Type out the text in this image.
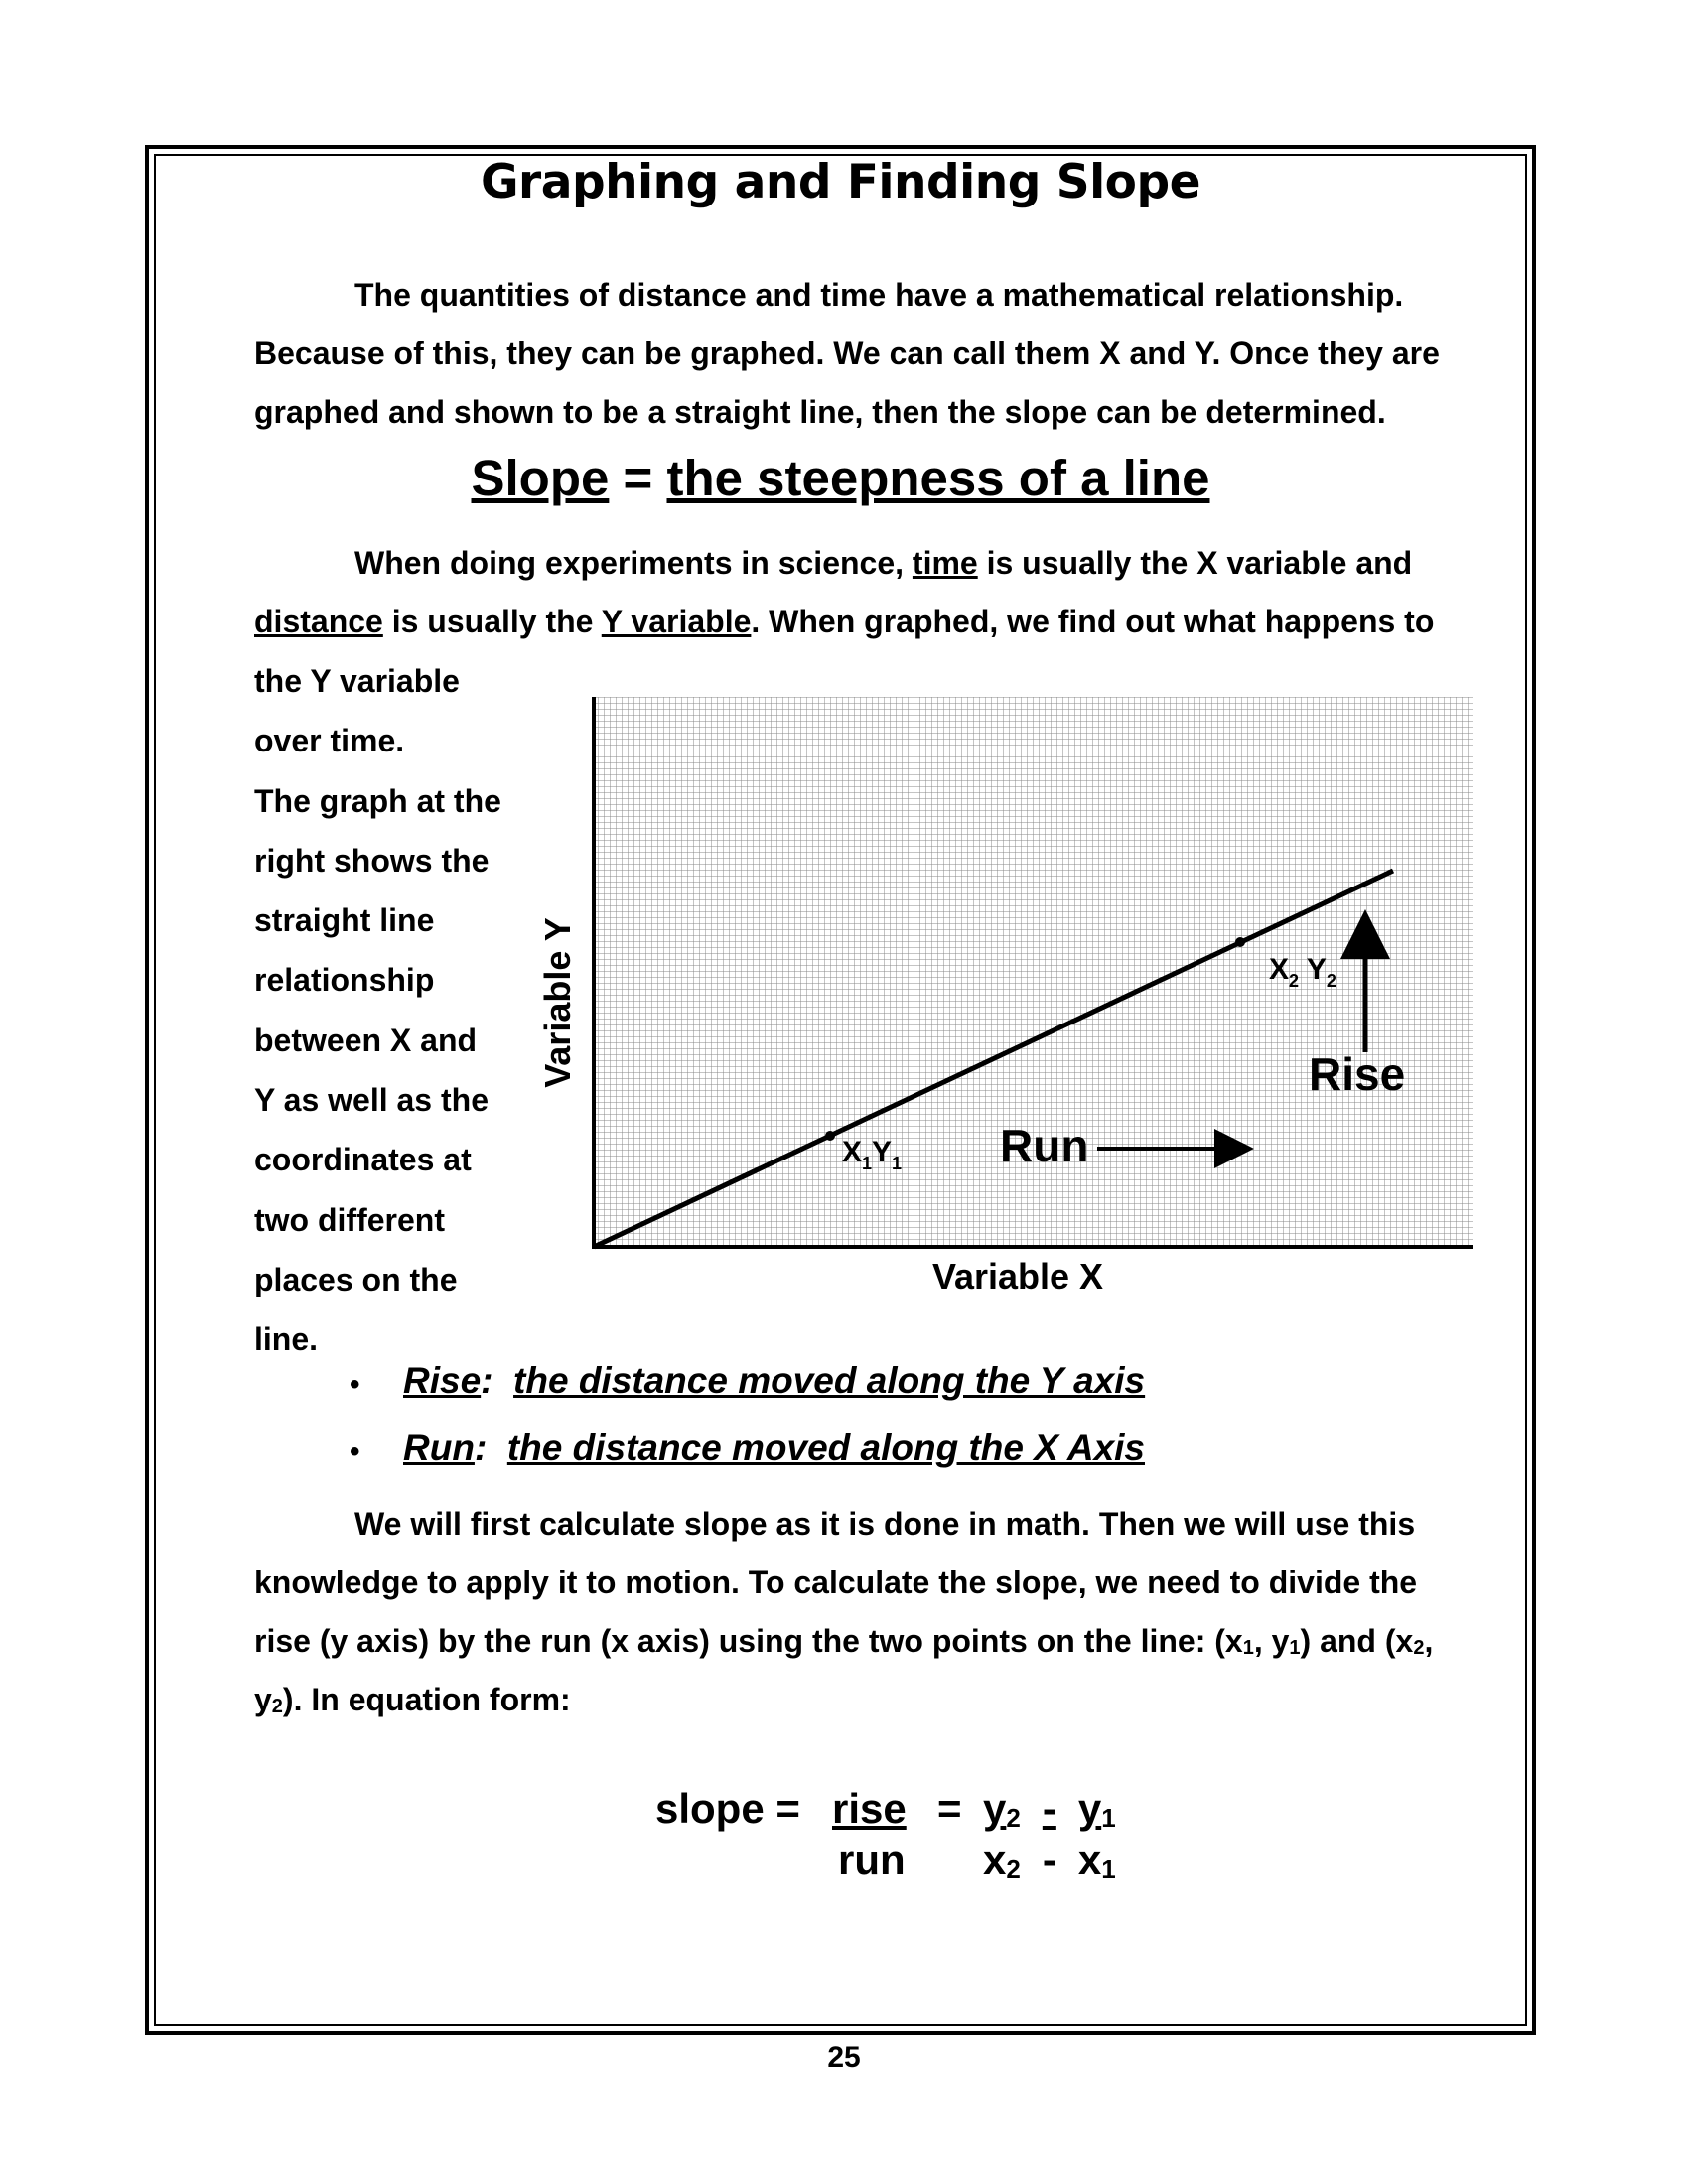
Graphing and Finding Slope

The quantities of distance and time have a mathematical relationship.

Because of this, they can be graphed. We can call them X and Y. Once they are

graphed and shown to be a straight line, then the slope can be determined.

Slope = the steepness of a line

When doing experiments in science, time is usually the X variable and

distance is usually the Y variable. When graphed, we find out what happens to

the Y variable
over time.
The graph at the
right shows the
straight line
relationship
between X and
Y as well as the
coordinates at
two different
places on the
line.
$X_1Y_1$
$X_2$ $Y_2$
Run
Rise
Variable X
Variable Y
• Rise:  the distance moved along the Y axis
• Run:  the distance moved along the X Axis

We will first calculate slope as it is done in math. Then we will use this

knowledge to apply it to motion. To calculate the slope, we need to divide the

rise (y axis) by the run (x axis) using the two points on the line: ($x_1$, $y_1$) and ($x_2$,

$y_2$). In equation form:

slope = rise
run
= $y_2 - y_1$
$x_2 - x_1$
25
